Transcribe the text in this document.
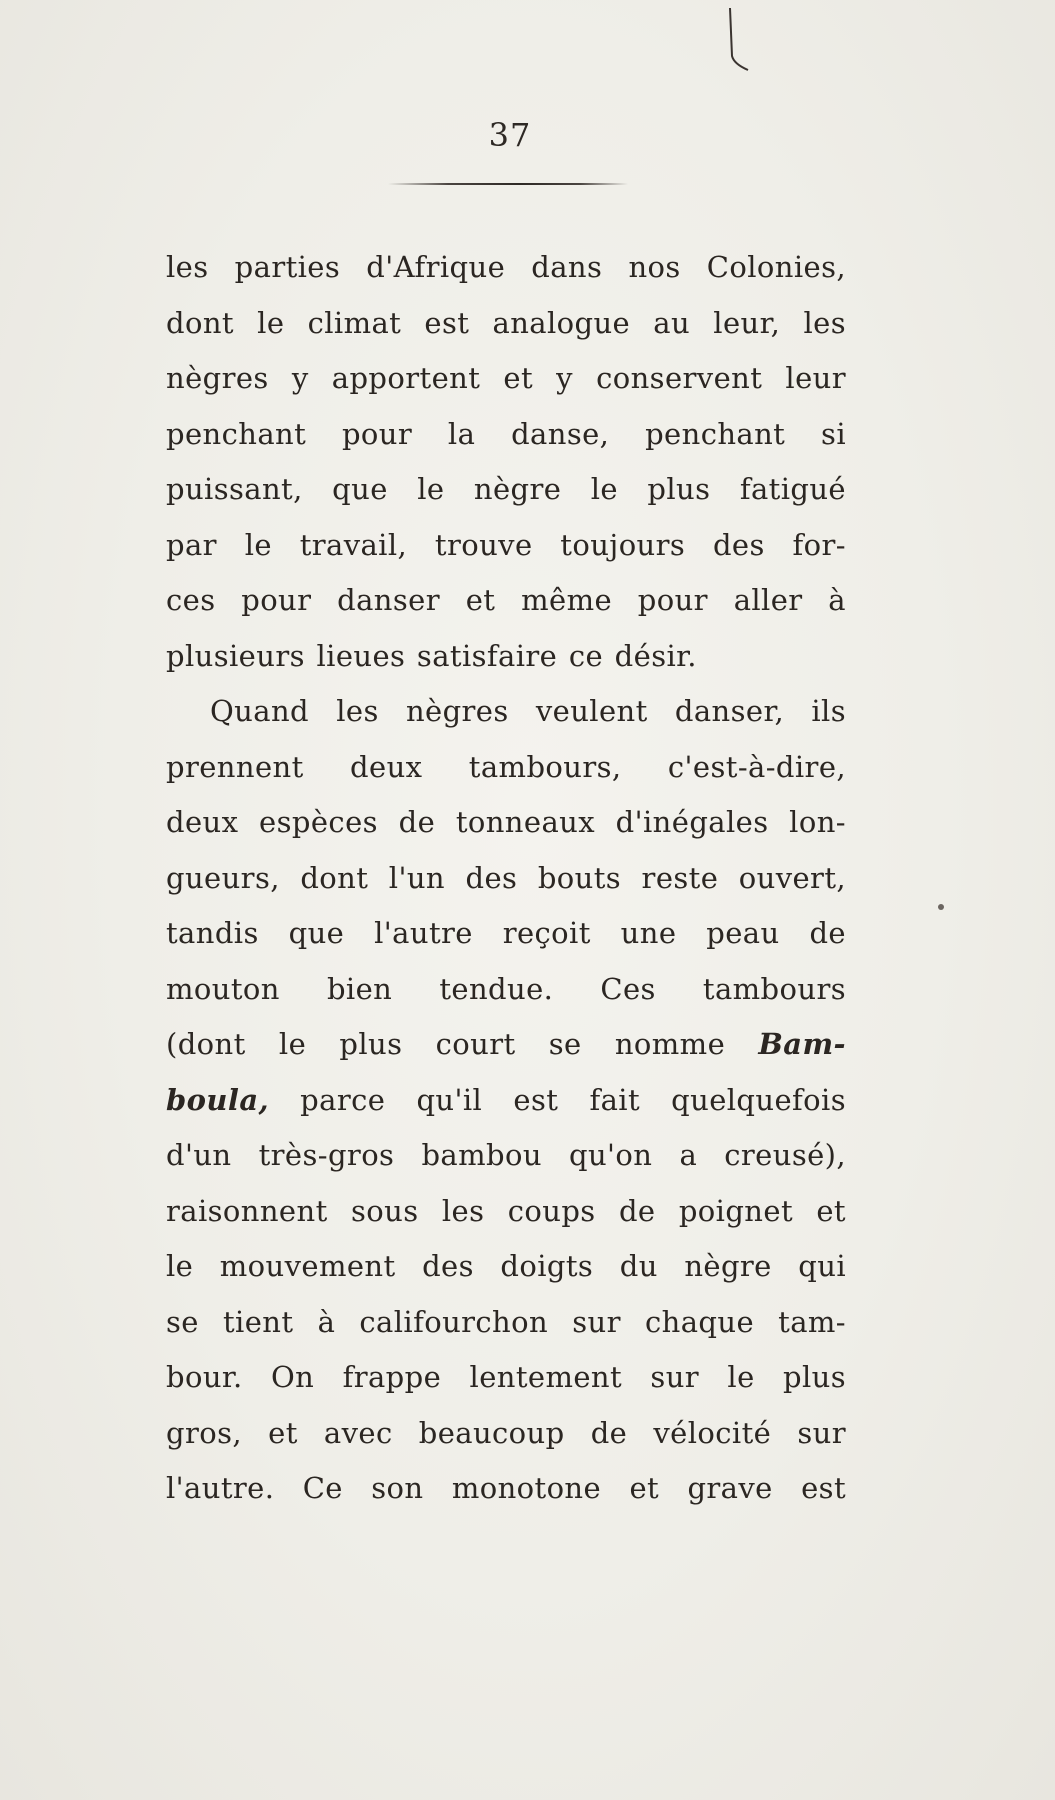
37
les parties d'Afrique dans nos Colonies,
dont le climat est analogue au leur, les
nègres y apportent et y conservent leur
penchant pour la danse, penchant si
puissant, que le nègre le plus fatigué
par le travail, trouve toujours des for-
ces pour danser et même pour aller à
plusieurs lieues satisfaire ce désir.
Quand les nègres veulent danser, ils
prennent deux tambours, c'est-à-dire,
deux espèces de tonneaux d'inégales lon-
gueurs, dont l'un des bouts reste ouvert,
tandis que l'autre reçoit une peau de
mouton bien tendue. Ces tambours
(dont le plus court se nomme Bam-
boula, parce qu'il est fait quelquefois
d'un très-gros bambou qu'on a creusé),
raisonnent sous les coups de poignet et
le mouvement des doigts du nègre qui
se tient à califourchon sur chaque tam-
bour. On frappe lentement sur le plus
gros, et avec beaucoup de vélocité sur
l'autre. Ce son monotone et grave est
